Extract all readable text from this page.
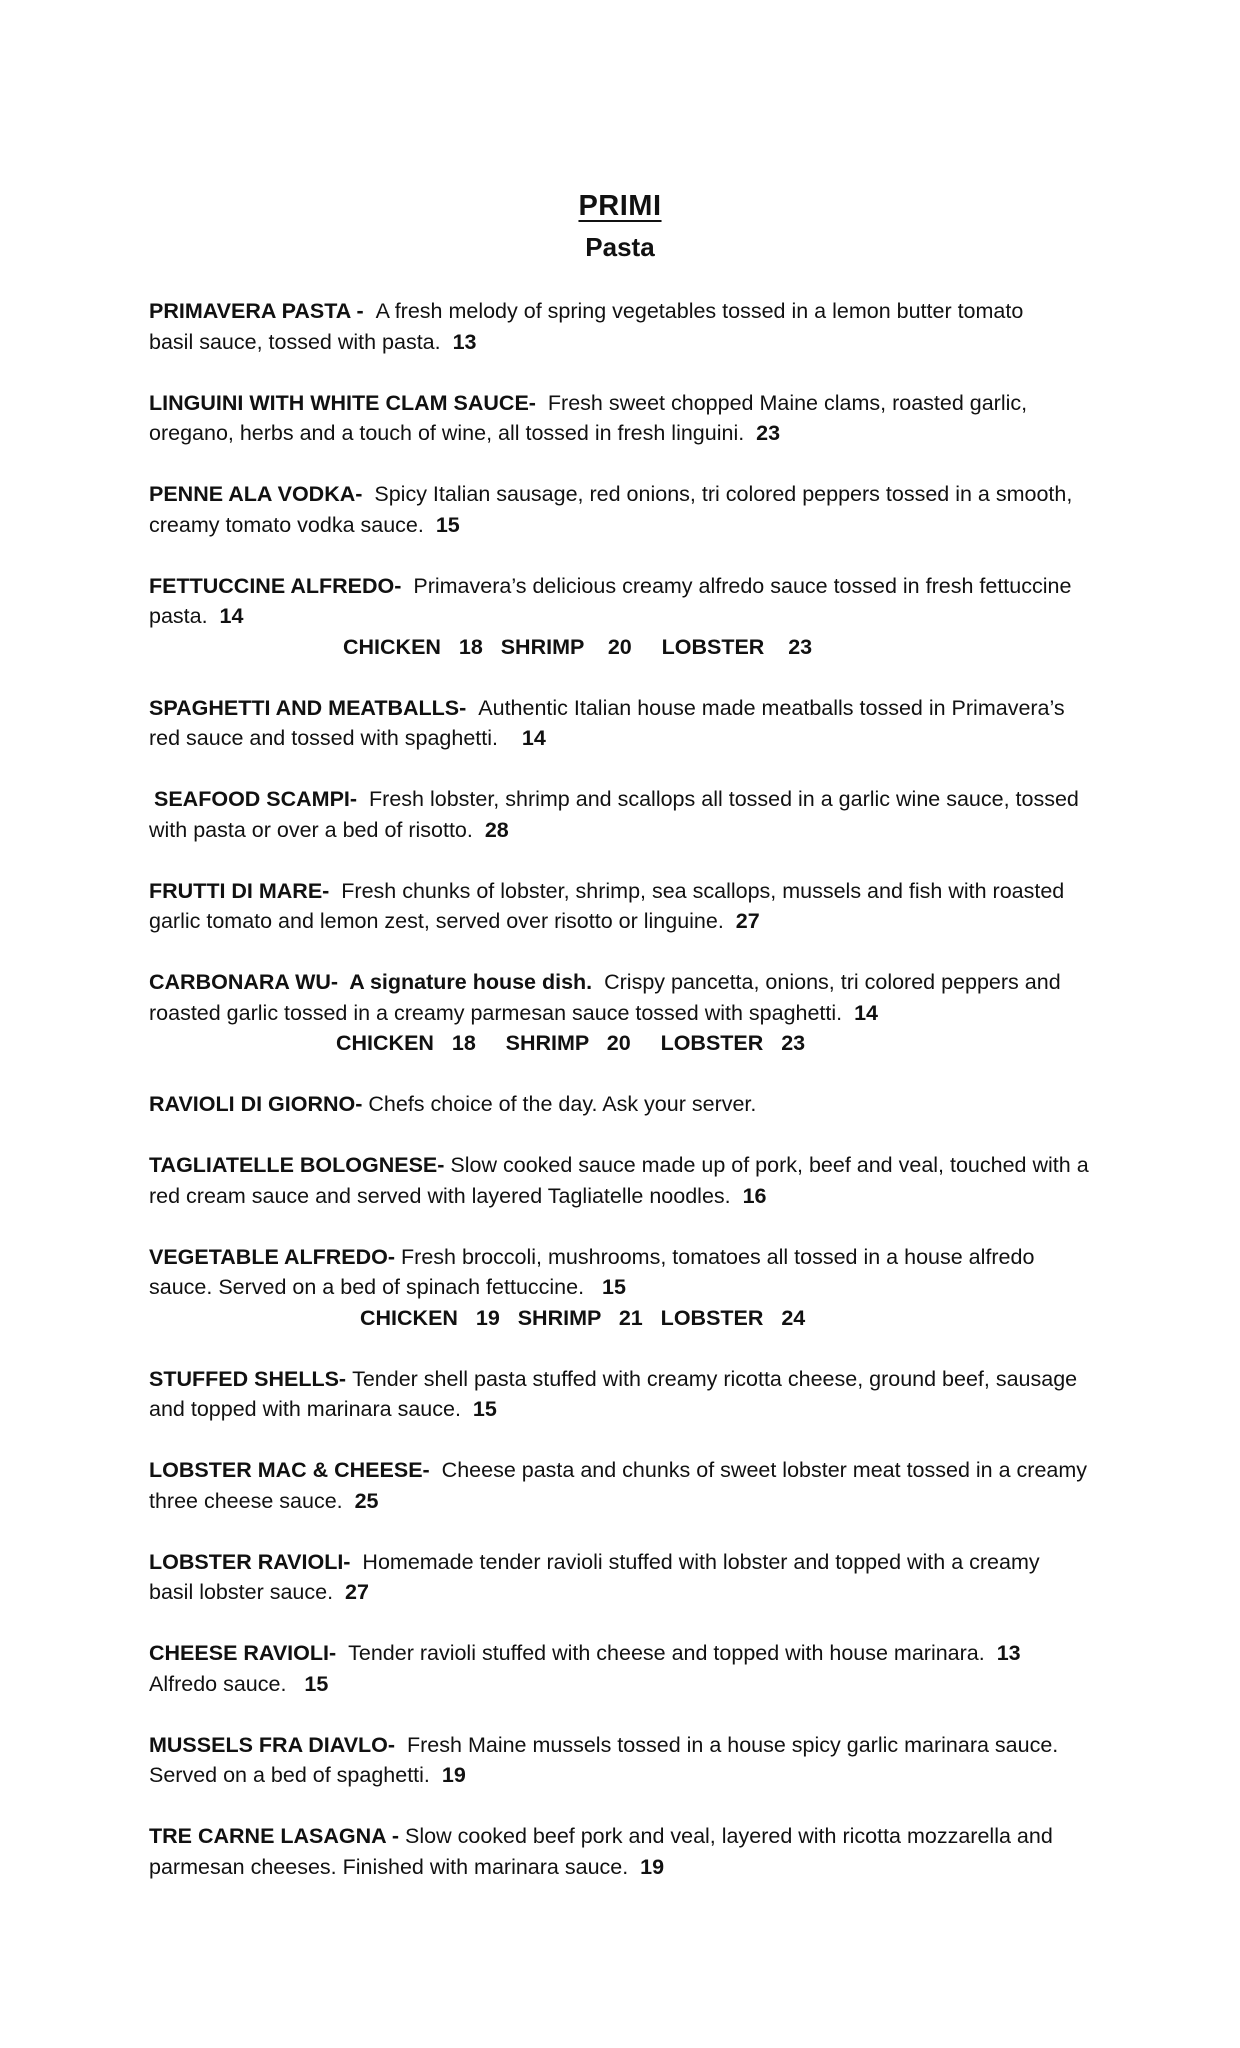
PRIMI
Pasta
PRIMAVERA PASTA - A fresh melody of spring vegetables tossed in a lemon butter tomato
basil sauce, tossed with pasta. 13
LINGUINI WITH WHITE CLAM SAUCE- Fresh sweet chopped Maine clams, roasted garlic,
oregano, herbs and a touch of wine, all tossed in fresh linguini. 23
PENNE ALA VODKA- Spicy Italian sausage, red onions, tri colored peppers tossed in a smooth,
creamy tomato vodka sauce. 15
FETTUCCINE ALFREDO- Primavera’s delicious creamy alfredo sauce tossed in fresh fettuccine
pasta. 14
CHICKEN   18   SHRIMP    20     LOBSTER    23
SPAGHETTI AND MEATBALLS- Authentic Italian house made meatballs tossed in Primavera’s
red sauce and tossed with spaghetti. 14
SEAFOOD SCAMPI- Fresh lobster, shrimp and scallops all tossed in a garlic wine sauce, tossed
with pasta or over a bed of risotto. 28
FRUTTI DI MARE- Fresh chunks of lobster, shrimp, sea scallops, mussels and fish with roasted
garlic tomato and lemon zest, served over risotto or linguine. 27
CARBONARA WU- A signature house dish. Crispy pancetta, onions, tri colored peppers and
roasted garlic tossed in a creamy parmesan sauce tossed with spaghetti. 14
CHICKEN   18     SHRIMP   20     LOBSTER   23
RAVIOLI DI GIORNO- Chefs choice of the day. Ask your server.
TAGLIATELLE BOLOGNESE- Slow cooked sauce made up of pork, beef and veal, touched with a
red cream sauce and served with layered Tagliatelle noodles. 16
VEGETABLE ALFREDO- Fresh broccoli, mushrooms, tomatoes all tossed in a house alfredo
sauce. Served on a bed of spinach fettuccine. 15
CHICKEN   19   SHRIMP   21   LOBSTER   24
STUFFED SHELLS- Tender shell pasta stuffed with creamy ricotta cheese, ground beef, sausage
and topped with marinara sauce. 15
LOBSTER MAC & CHEESE- Cheese pasta and chunks of sweet lobster meat tossed in a creamy
three cheese sauce. 25
LOBSTER RAVIOLI- Homemade tender ravioli stuffed with lobster and topped with a creamy
basil lobster sauce. 27
CHEESE RAVIOLI- Tender ravioli stuffed with cheese and topped with house marinara. 13
Alfredo sauce. 15
MUSSELS FRA DIAVLO- Fresh Maine mussels tossed in a house spicy garlic marinara sauce.
Served on a bed of spaghetti. 19
TRE CARNE LASAGNA - Slow cooked beef pork and veal, layered with ricotta mozzarella and
parmesan cheeses. Finished with marinara sauce. 19
